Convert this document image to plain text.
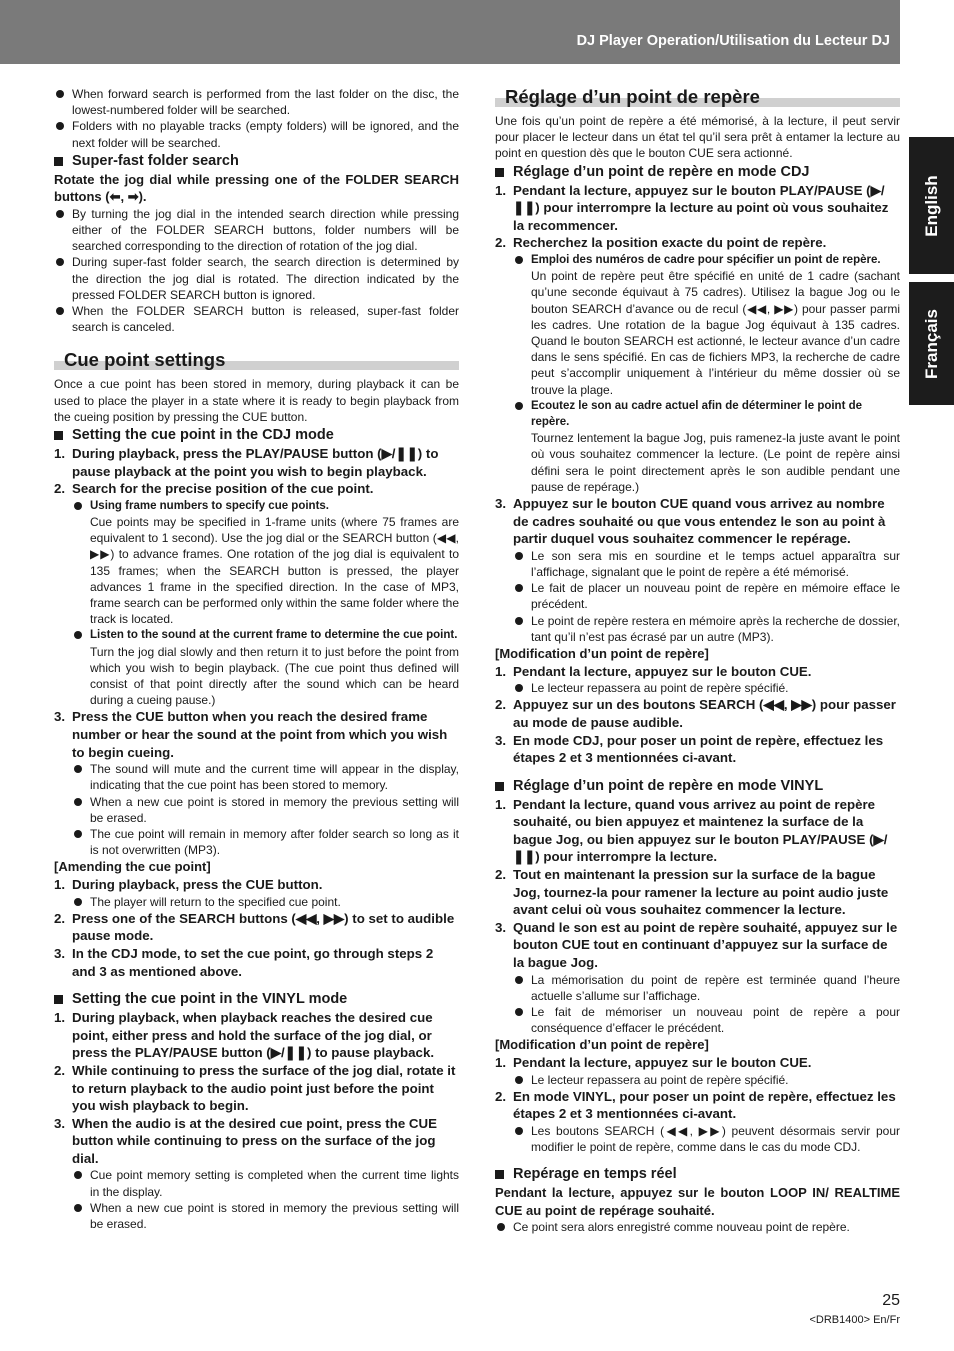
DJ Player Operation/Utilisation du Lecteur DJ
English
Français

When forward search is performed from the last folder on the disc, the lowest-numbered folder will be searched.

Folders with no playable tracks (empty folders) will be ignored, and the next folder will be searched.

Super-fast folder search

Rotate the jog dial while pressing one of the FOLDER SEARCH buttons (⬅, ➡).

By turning the jog dial in the intended search direction while pressing either of the FOLDER SEARCH buttons, folder numbers will be searched corresponding to the direction of rotation of the jog dial.

During super-fast folder search, the search direction is determined by the direction the jog dial is rotated. The direction indicated by the pressed FOLDER SEARCH button is ignored.

When the FOLDER SEARCH button is released, super-fast folder search is canceled.

Cue point settings

Once a cue point has been stored in memory, during playback it can be used to place the player in a state where it is ready to begin playback from the cueing position by pressing the CUE button.

Setting the cue point in the CDJ mode
1. During playback, press the PLAY/PAUSE button (▶/❚❚) to pause playback at the point you wish to begin playback.
2. Search for the precise position of the cue point.

Using frame numbers to specify cue points.

Cue points may be specified in 1-frame units (where 75 frames are equivalent to 1 second). Use the jog dial or the SEARCH button (◀◀, ▶▶) to advance frames. One rotation of the jog dial is equivalent to 135 frames; when the SEARCH button is pressed, the player advances 1 frame in the specified direction. In the case of MP3, frame search can be performed only within the same folder where the track is located.

Listen to the sound at the current frame to determine the cue point.

Turn the jog dial slowly and then return it to just before the point from which you wish to begin playback. (The cue point thus defined will consist of that point directly after the sound which can be heard during a cueing pause.)

3. Press the CUE button when you reach the desired frame number or hear the sound at the point from which you wish to begin cueing.

The sound will mute and the current time will appear in the display, indicating that the cue point has been stored to memory.

When a new cue point is stored in memory the previous setting will be erased.

The cue point will remain in memory after folder search so long as it is not overwritten (MP3).

[Amending the cue point]

1. During playback, press the CUE button.

The player will return to the specified cue point.

2. Press one of the SEARCH buttons (◀◀, ▶▶) to set to audible pause mode.
3. In the CDJ mode, to set the cue point, go through steps 2 and 3 as mentioned above.
Setting the cue point in the VINYL mode
1. During playback, when playback reaches the desired cue point, either press and hold the surface of the jog dial, or press the PLAY/PAUSE button (▶/❚❚) to pause playback.
2. While continuing to press the surface of the jog dial, rotate it to return playback to the audio point just before the point you wish playback to begin.
3. When the audio is at the desired cue point, press the CUE button while continuing to press on the surface of the jog dial.

Cue point memory setting is completed when the current time lights in the display.

When a new cue point is stored in memory the previous setting will be erased.

Réglage d’un point de repère

Une fois qu’un point de repère a été mémorisé, à la lecture, il peut servir pour placer le lecteur dans un état tel qu’il sera prêt à entamer la lecture au point en question dès que le bouton CUE sera actionné.

Réglage d’un point de repère en mode CDJ
1. Pendant la lecture, appuyez sur le bouton PLAY/PAUSE (▶/❚❚) pour interrompre la lecture au point où vous souhaitez la recommencer.
2. Recherchez la position exacte du point de repère.

Emploi des numéros de cadre pour spécifier un point de repère.

Un point de repère peut être spécifié en unité de 1 cadre (sachant qu’une seconde équivaut à 75 cadres). Utilisez la bague Jog ou le bouton SEARCH d’avance ou de recul (◀◀, ▶▶) pour passer parmi les cadres. Une rotation de la bague Jog équivaut à 135 cadres. Quand le bouton SEARCH est actionné, le lecteur avance d’un cadre dans le sens spécifié. En cas de fichiers MP3, la recherche de cadre peut s’accomplir uniquement à l’intérieur du même dossier où se trouve la plage.

Ecoutez le son au cadre actuel afin de déterminer le point de repère.

Tournez lentement la bague Jog, puis ramenez-la juste avant le point où vous souhaitez commencer la lecture. (Le point de repère ainsi défini sera le point directement après le son audible pendant une pause de repérage.)

3. Appuyez sur le bouton CUE quand vous arrivez au nombre de cadres souhaité ou que vous entendez le son au point à partir duquel vous souhaitez commencer le repérage.

Le son sera mis en sourdine et le temps actuel apparaîtra sur l’affichage, signalant que le point de repère a été mémorisé.

Le fait de placer un nouveau point de repère en mémoire efface le précédent.

Le point de repère restera en mémoire après la recherche de dossier, tant qu’il n’est pas écrasé par un autre (MP3).

[Modification d’un point de repère]

1. Pendant la lecture, appuyez sur le bouton CUE.

Le lecteur repassera au point de repère spécifié.

2. Appuyez sur un des boutons SEARCH (◀◀, ▶▶) pour passer au mode de pause audible.
3. En mode CDJ, pour poser un point de repère, effectuez les étapes 2 et 3 mentionnées ci-avant.
Réglage d’un point de repère en mode VINYL
1. Pendant la lecture, quand vous arrivez au point de repère souhaité, ou bien appuyez et maintenez la surface de la bague Jog, ou bien appuyez sur le bouton PLAY/PAUSE (▶/❚❚) pour interrompre la lecture.
2. Tout en maintenant la pression sur la surface de la bague Jog, tournez-la pour ramener la lecture au point audio juste avant celui où vous souhaitez commencer la lecture.
3. Quand le son est au point de repère souhaité, appuyez sur le bouton CUE tout en continuant d’appuyez sur la surface de la bague Jog.

La mémorisation du point de repère est terminée quand l’heure actuelle s’allume sur l’affichage.

Le fait de mémoriser un nouveau point de repère a pour conséquence d’effacer le précédent.

[Modification d’un point de repère]

1. Pendant la lecture, appuyez sur le bouton CUE.

Le lecteur repassera au point de repère spécifié.

2. En mode VINYL, pour poser un point de repère, effectuez les étapes 2 et 3 mentionnées ci-avant.

Les boutons SEARCH (◀◀, ▶▶) peuvent désormais servir pour modifier le point de repère, comme dans le cas du mode CDJ.

Repérage en temps réel

Pendant la lecture, appuyez sur le bouton LOOP IN/ REALTIME CUE au point de repérage souhaité.

Ce point sera alors enregistré comme nouveau point de repère.

25
<DRB1400> En/Fr
